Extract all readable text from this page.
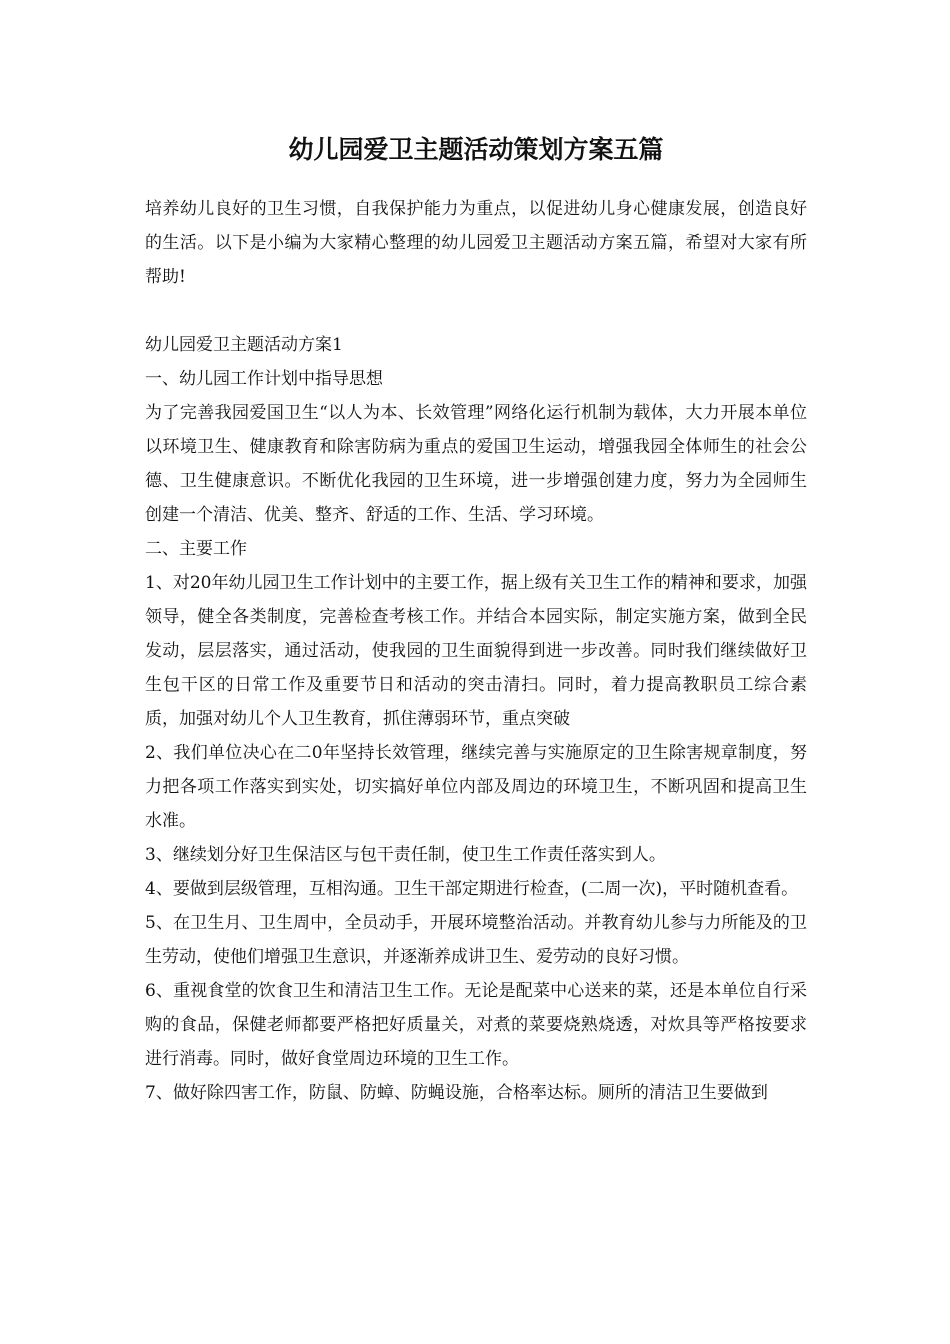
幼儿园爱卫主题活动策划方案五篇

培养幼儿良好的卫生习惯，自我保护能力为重点，以促进幼儿身心健康发展，创造良好的生活。以下是小编为大家精心整理的幼儿园爱卫主题活动方案五篇，希望对大家有所帮助!

幼儿园爱卫主题活动方案1

一、幼儿园工作计划中指导思想

为了完善我园爱国卫生“以人为本、长效管理”网络化运行机制为载体，大力开展本单位以环境卫生、健康教育和除害防病为重点的爱国卫生运动，增强我园全体师生的社会公德、卫生健康意识。不断优化我园的卫生环境，进一步增强创建力度，努力为全园师生创建一个清洁、优美、整齐、舒适的工作、生活、学习环境。

二、主要工作

1、对20年幼儿园卫生工作计划中的主要工作，据上级有关卫生工作的精神和要求，加强领导，健全各类制度，完善检查考核工作。并结合本园实际，制定实施方案，做到全民发动，层层落实，通过活动，使我园的卫生面貌得到进一步改善。同时我们继续做好卫生包干区的日常工作及重要节日和活动的突击清扫。同时，着力提高教职员工综合素质，加强对幼儿个人卫生教育，抓住薄弱环节，重点突破

2、我们单位决心在二0年坚持长效管理，继续完善与实施原定的卫生除害规章制度，努力把各项工作落实到实处，切实搞好单位内部及周边的环境卫生，不断巩固和提高卫生水准。

3、继续划分好卫生保洁区与包干责任制，使卫生工作责任落实到人。

4、要做到层级管理，互相沟通。卫生干部定期进行检查，(二周一次)，平时随机查看。

5、在卫生月、卫生周中，全员动手，开展环境整治活动。并教育幼儿参与力所能及的卫生劳动，使他们增强卫生意识，并逐渐养成讲卫生、爱劳动的良好习惯。

6、重视食堂的饮食卫生和清洁卫生工作。无论是配菜中心送来的菜，还是本单位自行采购的食品，保健老师都要严格把好质量关，对煮的菜要烧熟烧透，对炊具等严格按要求进行消毒。同时，做好食堂周边环境的卫生工作。

7、做好除四害工作，防鼠、防蟑、防蝇设施，合格率达标。厕所的清洁卫生要做到
